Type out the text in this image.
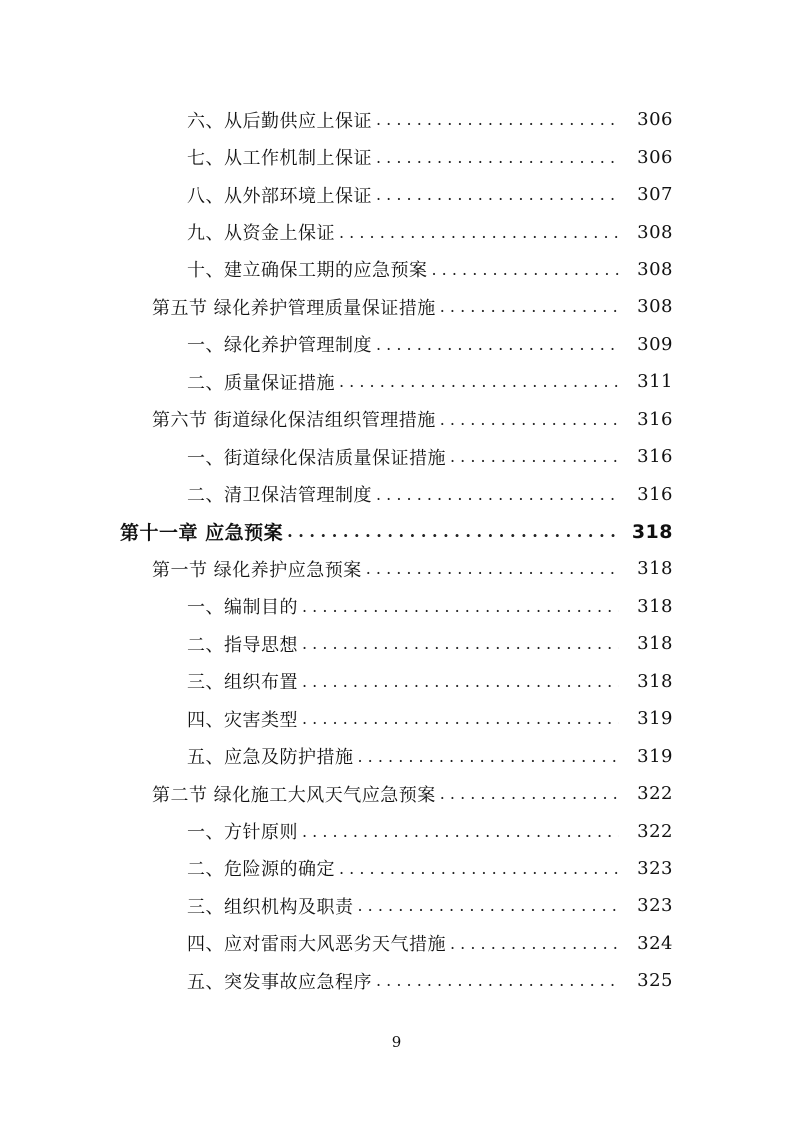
六、从后勤供应上保证 . . .	306
七、从工作机制上保证 . . .	306
八、从外部环境上保证 . . .	307
九、从资金上保证 . . .	308
十、建立确保工期的应急预案 . . .	308
第五节 绿化养护管理质量保证措施 . . .	308
一、绿化养护管理制度 . . .	309
二、质量保证措施 . . .	311
第六节 街道绿化保洁组织管理措施 . . .	316
一、街道绿化保洁质量保证措施 . . .	316
二、清卫保洁管理制度 . . .	316
第十一章 应急预案 . . .	318
第一节 绿化养护应急预案 . . .	318
一、编制目的 . . .	318
二、指导思想 . . .	318
三、组织布置 . . .	318
四、灾害类型 . . .	319
五、应急及防护措施 . . .	319
第二节 绿化施工大风天气应急预案 . . .	322
一、方针原则 . . .	322
二、危险源的确定 . . .	323
三、组织机构及职责 . . .	323
四、应对雷雨大风恶劣天气措施 . . .	324
五、突发事故应急程序 . . .	325
9
